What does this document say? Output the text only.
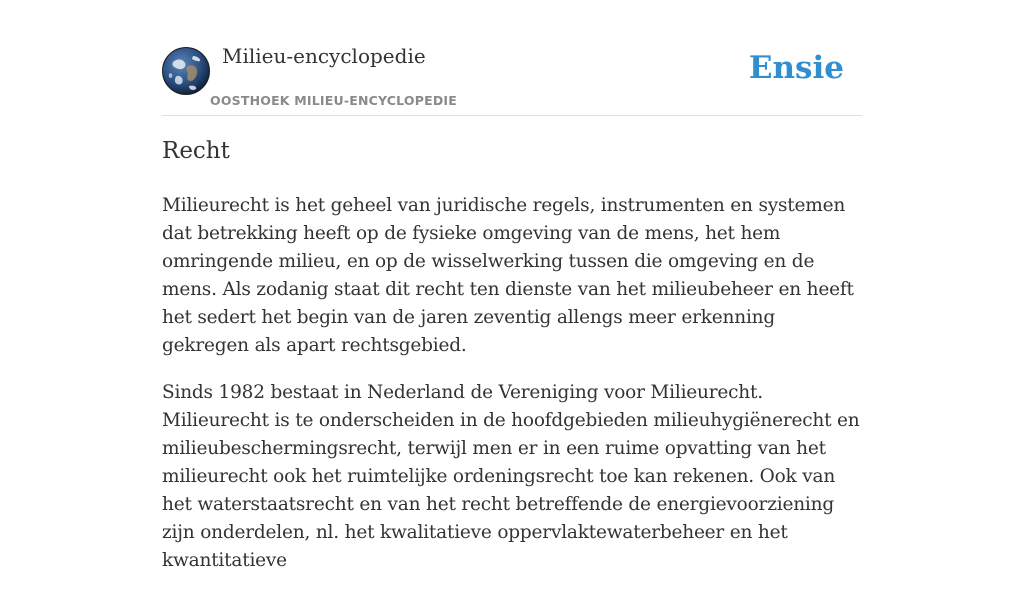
Milieu-encyclopedie
OOSTHOEK MILIEU-ENCYCLOPEDIE
Ensie
Recht

Milieurecht is het geheel van juridische regels, instrumenten en systemen dat betrekking heeft op de fysieke omgeving van de mens, het hem omringende milieu, en op de wisselwerking tussen die omgeving en de mens. Als zodanig staat dit recht ten dienste van het milieubeheer en heeft het sedert het begin van de jaren zeventig allengs meer erkenning gekregen als apart rechtsgebied.

Sinds 1982 bestaat in Nederland de Vereniging voor Milieurecht. Milieurecht is te onderscheiden in de hoofdgebieden milieuhygiënerecht en milieubeschermingsrecht, terwijl men er in een ruime opvatting van het milieurecht ook het ruimtelijke ordeningsrecht toe kan rekenen. Ook van het waterstaatsrecht en van het recht betreffende de energievoorziening zijn onderdelen, nl. het kwalitatieve oppervlaktewaterbeheer en het kwantitatieve
